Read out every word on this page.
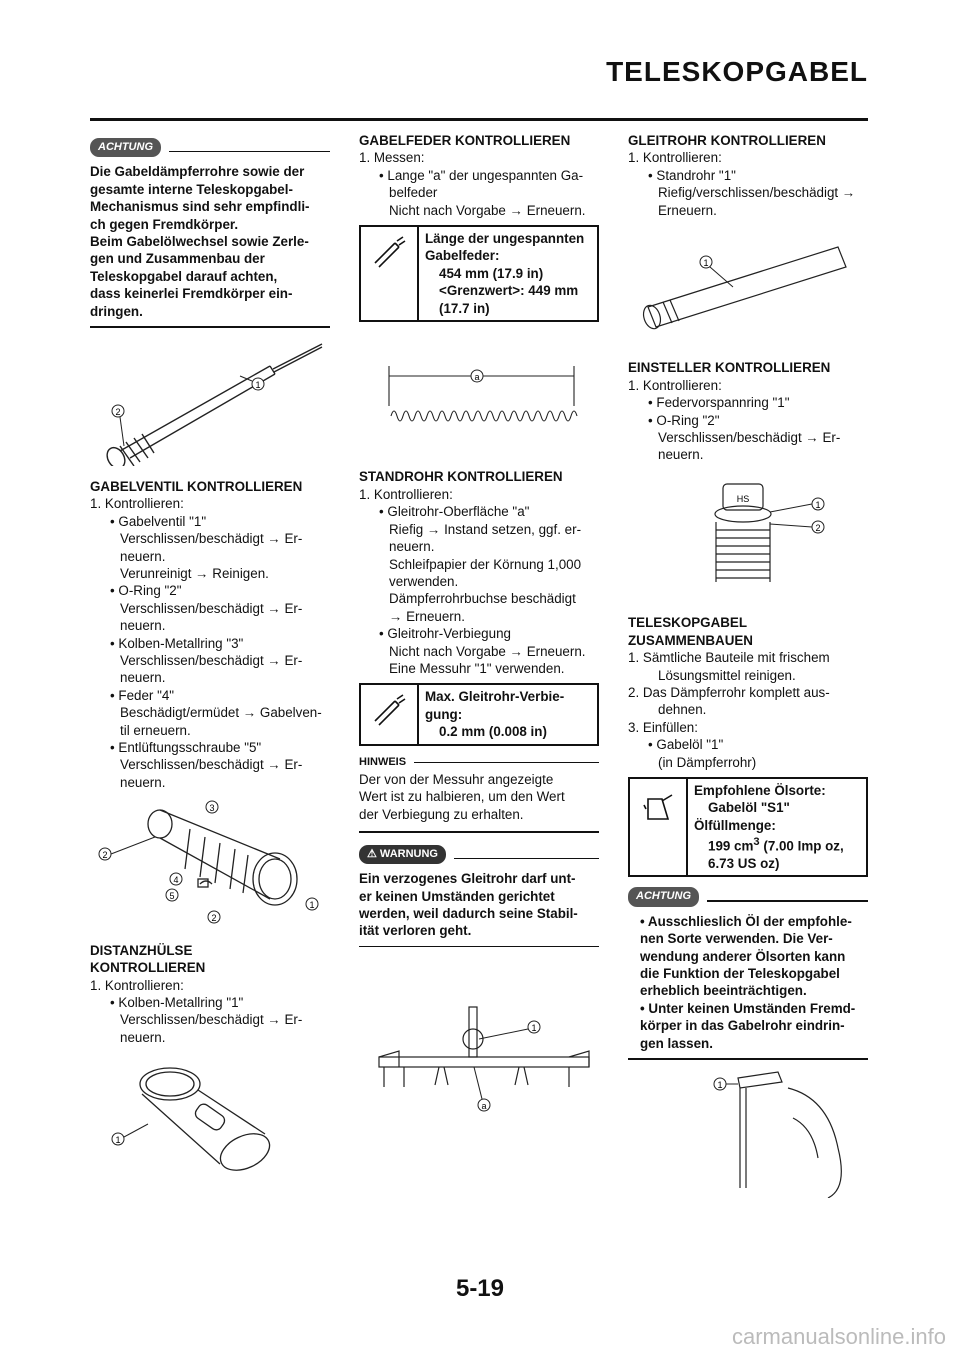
TELESKOPGABEL
ACHTUNG
Die Gabeldämpferrohre sowie der
gesamte interne Teleskopgabel-
Mechanismus sind sehr empfindli-
ch gegen Fremdkörper.
Beim Gabelölwechsel sowie Zerle-
gen und Zusammenbau der
Teleskopgabel darauf achten,
dass keinerlei Fremdkörper ein-
dringen.
1
2
GABELVENTIL KONTROLLIEREN
1. Kontrollieren:
• Gabelventil "1"
Verschlissen/beschädigt → Er-
neuern.
Verunreinigt → Reinigen.
• O-Ring "2"
Verschlissen/beschädigt → Er-
neuern.
• Kolben-Metallring "3"
Verschlissen/beschädigt → Er-
neuern.
• Feder "4"
Beschädigt/ermüdet → Gabelven-
til erneuern.
• Entlüftungsschraube "5"
Verschlissen/beschädigt → Er-
neuern.
3
2
4
5
2
1
DISTANZHÜLSE
KONTROLLIEREN
1. Kontrollieren:
• Kolben-Metallring "1"
Verschlissen/beschädigt → Er-
neuern.
1
GABELFEDER KONTROLLIEREN
1. Messen:
• Lange "a" der ungespannten Ga-
belfeder
Nicht nach Vorgabe → Erneuern.
Länge der ungespannten
Gabelfeder:
454 mm (17.9 in)
<Grenzwert>: 449 mm
(17.7 in)
a
STANDROHR KONTROLLIEREN
1. Kontrollieren:
• Gleitrohr-Oberfläche "a"
Riefig → Instand setzen, ggf. er-
neuern.
Schleifpapier der Körnung 1,000
verwenden.
Dämpferrohrbuchse beschädigt
→ Erneuern.
• Gleitrohr-Verbiegung
Nicht nach Vorgabe → Erneuern.
Eine Messuhr "1" verwenden.
Max. Gleitrohr-Verbie-
gung:
0.2 mm (0.008 in)
HINWEIS
Der von der Messuhr angezeigte
Wert ist zu halbieren, um den Wert
der Verbiegung zu erhalten.
⚠ WARNUNG
Ein verzogenes Gleitrohr darf unt-
er keinen Umständen gerichtet
werden, weil dadurch seine Stabil-
ität verloren geht.
1
a
GLEITROHR KONTROLLIEREN
1. Kontrollieren:
• Standrohr "1"
Riefig/verschlissen/beschädigt →
Erneuern.
1
EINSTELLER KONTROLLIEREN
1. Kontrollieren:
• Federvorspannring "1"
• O-Ring "2"
Verschlissen/beschädigt → Er-
neuern.
HS
1
2
TELESKOPGABEL
ZUSAMMENBAUEN
1. Sämtliche Bauteile mit frischem
Lösungsmittel reinigen.
2. Das Dämpferrohr komplett aus-
dehnen.
3. Einfüllen:
• Gabelöl "1"
(in Dämpferrohr)
Empfohlene Ölsorte:
Gabelöl "S1"
Ölfüllmenge:
199 $cm^3$ (7.00 Imp oz,
6.73 US oz)
ACHTUNG
• Ausschlieslich Öl der empfohle-
nen Sorte verwenden. Die Ver-
wendung anderer Ölsorten kann
die Funktion der Teleskopgabel
erheblich beeinträchtigen.
• Unter keinen Umständen Fremd-
körper in das Gabelrohr eindrin-
gen lassen.
1
5-19
carmanualsonline.info
